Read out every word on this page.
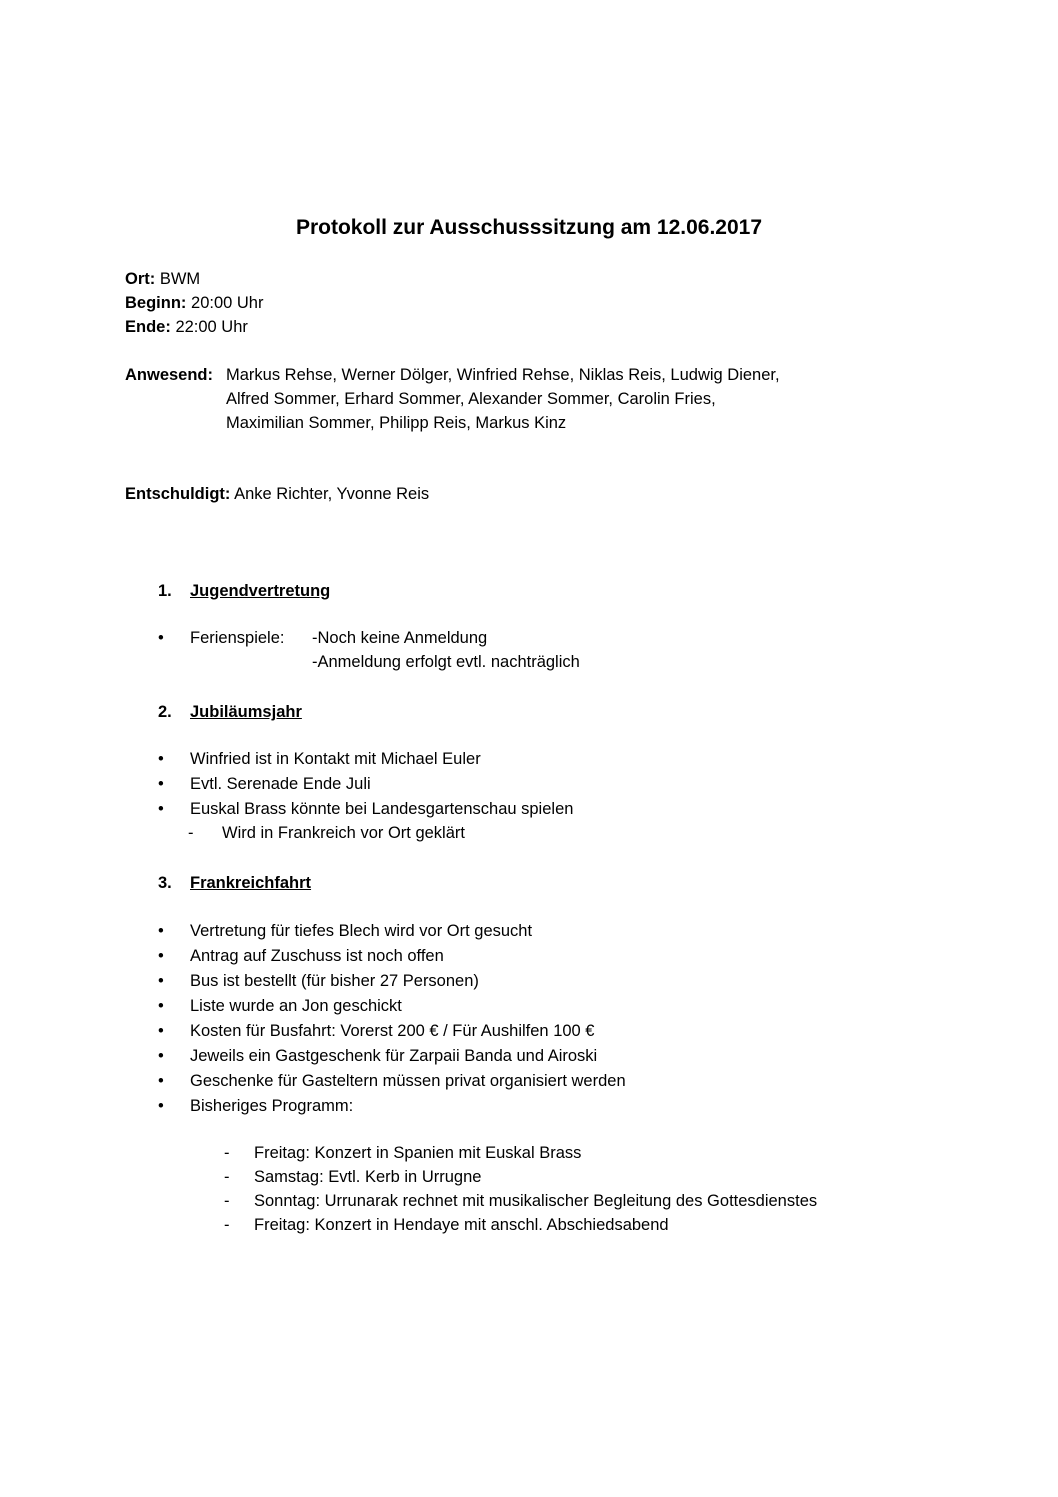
Protokoll zur Ausschusssitzung am 12.06.2017
Ort: BWM
Beginn: 20:00 Uhr
Ende: 22:00 Uhr
Anwesend: Markus Rehse, Werner Dölger, Winfried Rehse, Niklas Reis, Ludwig Diener,
Alfred Sommer, Erhard Sommer, Alexander Sommer, Carolin Fries,
Maximilian Sommer, Philipp Reis, Markus Kinz
Entschuldigt: Anke Richter, Yvonne Reis
1. Jugendvertretung
• Ferienspiele: -Noch keine Anmeldung
-Anmeldung erfolgt evtl. nachträglich
2. Jubiläumsjahr
• Winfried ist in Kontakt mit Michael Euler
• Evtl. Serenade Ende Juli
• Euskal Brass könnte bei Landesgartenschau spielen
- Wird in Frankreich vor Ort geklärt
3. Frankreichfahrt
• Vertretung für tiefes Blech wird vor Ort gesucht
• Antrag auf Zuschuss ist noch offen
• Bus ist bestellt (für bisher 27 Personen)
• Liste wurde an Jon geschickt
• Kosten für Busfahrt: Vorerst 200 € / Für Aushilfen 100 €
• Jeweils ein Gastgeschenk für Zarpaii Banda und Airoski
• Geschenke für Gasteltern müssen privat organisiert werden
• Bisheriges Programm:
- Freitag: Konzert in Spanien mit Euskal Brass
- Samstag: Evtl. Kerb in Urrugne
- Sonntag: Urrunarak rechnet mit musikalischer Begleitung des Gottesdienstes
- Freitag: Konzert in Hendaye mit anschl. Abschiedsabend
